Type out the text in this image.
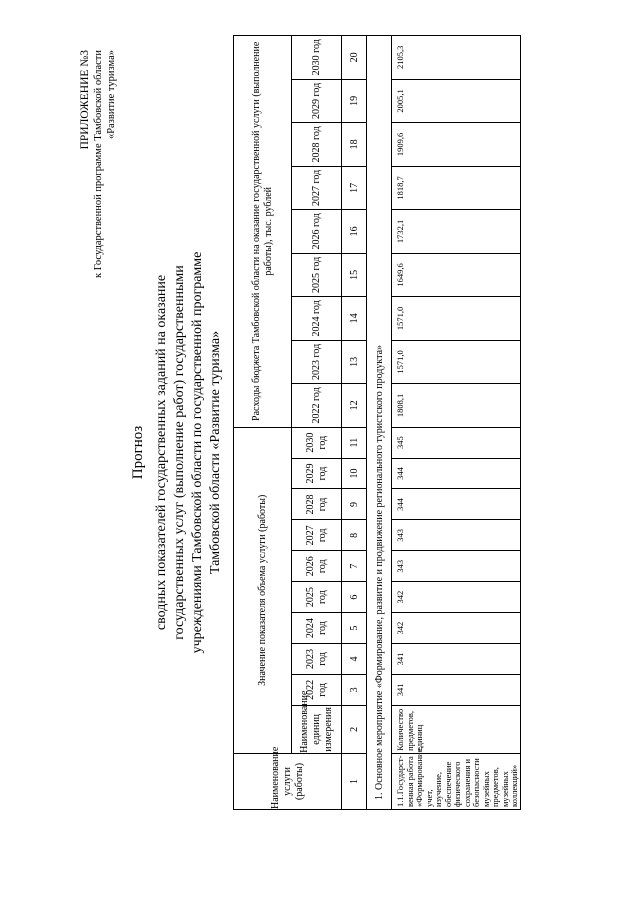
ПРИЛОЖЕНИЕ №3 к Государственной программе Тамбовской области «Развитие туризма»
Прогноз сводных показателей государственных заданий на оказание государственных услуг (выполнение работ) государственными учреждениями Тамбовской области по государственной программе Тамбовской области «Развитие туризма»
Наименование услуги (работы)	Значение показателя объема услуги (работы)										Расходы бюджета Тамбовской области на оказание государственной услуги (выполнение работы), тыс. рублей								
	Наименование единиц измерения	2022 год	2023 год	2024 год	2025 год	2026 год	2027 год	2028 год	2029 год	2030 год	2022 год	2023 год	2024 год	2025 год	2026 год	2027 год	2028 год	2029 год	2030 год
1	2	3	4	5	6	7	8	9	10	11	12	13	14	15	16	17	18	19	20
1. Основное мероприятие «Формирование, развитие и продвижение регионального туристского продукта»																			
1.1.Государст-венная работа «Формирование, учет, изучение, обеспечение физического сохранения и безопасности музейных предметов, музейных коллекций»	Количество предметов, единиц	341	341	342	342	343	343	344	344	345	1808,1	1571,0	1571,0	1649,6	1732,1	1818,7	1909,6	2005,1	2105,3
